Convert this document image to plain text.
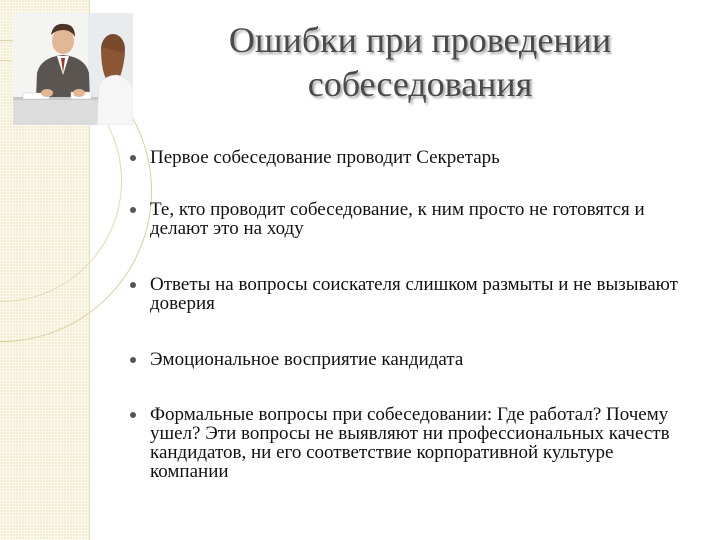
Ошибки при проведении
собеседования
Первое собеседование проводит Секретарь
Те, кто проводит собеседование, к ним просто не готовятся и делают это на ходу
Ответы на вопросы соискателя слишком размыты и не вызывают доверия
Эмоциональное восприятие кандидата
Формальные вопросы при собеседовании: Где работал? Почему ушел? Эти вопросы не выявляют ни профессиональных качеств кандидатов, ни его соответствие корпоративной культуре компании
